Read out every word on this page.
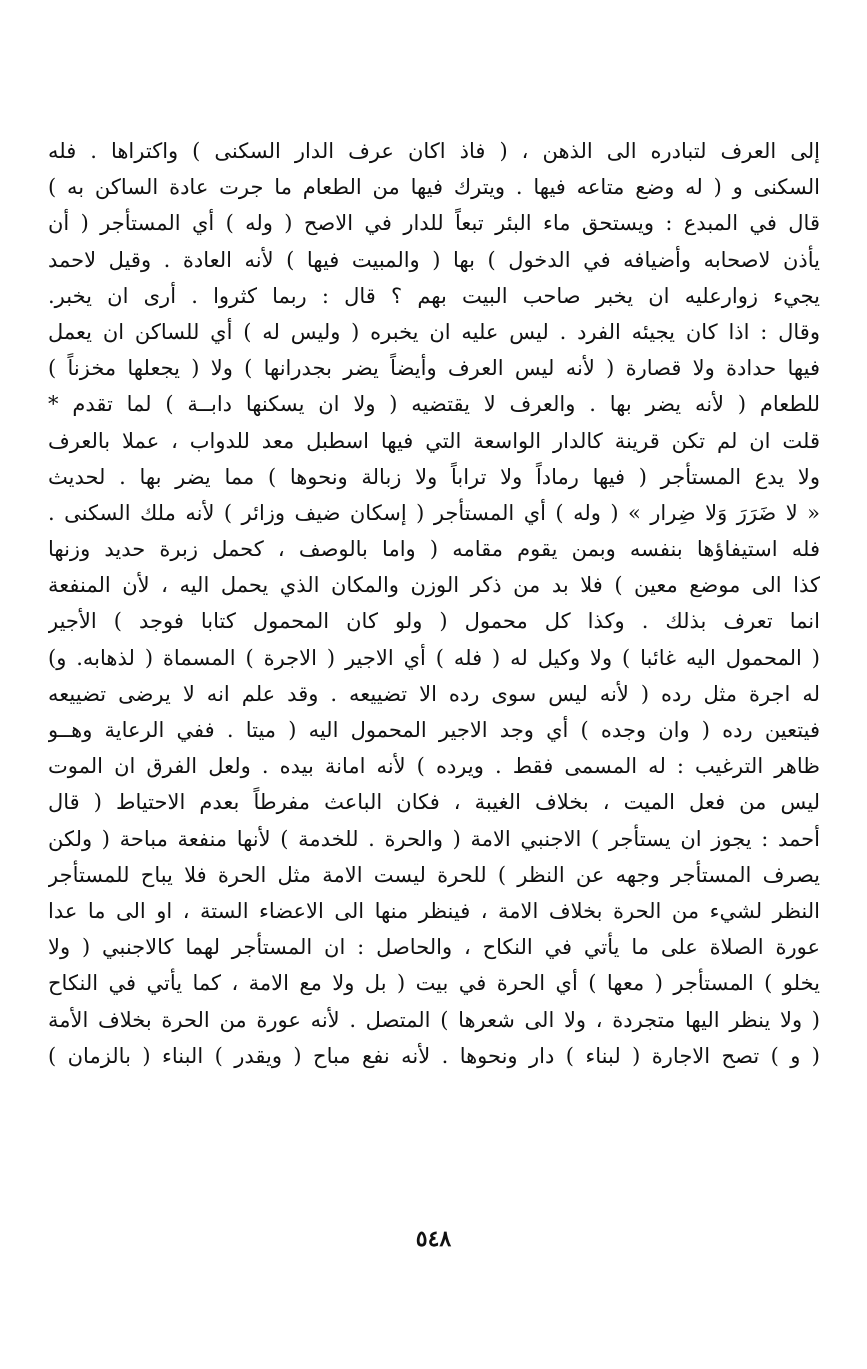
إلى العرف لتبادره الى الذهن ، ( فاذ اكان عرف الدار السكنى ) واكتراها . فله
السكنى و ( له وضع متاعه فيها . ويترك فيها من الطعام ما جرت عادة الساكن به )
قال في المبدع : ويستحق ماء البئر تبعاً للدار في الاصح ( وله ) أي المستأجر ( أن
يأذن لاصحابه وأضيافه في الدخول ) بها ( والمبيت فيها ) لأنه العادة . وقيل لاحمد
يجيء زوارعليه ان يخبر صاحب البيت بهم ؟ قال : ربما كثروا . أرى ان يخبر.
وقال : اذا كان يجيئه الفرد . ليس عليه ان يخبره ( وليس له ) أي للساكن ان يعمل
فيها حدادة ولا قصارة ( لأنه ليس العرف وأيضاً يضر بجدرانها ) ولا ( يجعلها مخزناً )
للطعام ( لأنه يضر بها . والعرف لا يقتضيه ( ولا ان يسكنها دابــة ) لما تقدم *
قلت ان لم تكن قرينة كالدار الواسعة التي فيها اسطبل معد للدواب ، عملا بالعرف
ولا يدع المستأجر ( فيها رماداً ولا تراباً ولا زبالة ونحوها ) مما يضر بها . لحديث
« لا ضَرَرَ وَلا ضِرار » ( وله ) أي المستأجر ( إسكان ضيف وزائر ) لأنه ملك السكنى .
فله استيفاؤها بنفسه وبمن يقوم مقامه ( واما بالوصف ، كحمل زبرة حديد وزنها
كذا الى موضع معين ) فلا بد من ذكر الوزن والمكان الذي يحمل اليه ، لأن المنفعة
انما تعرف بذلك . وكذا كل محمول ( ولو كان المحمول كتابا فوجد ) الأجير
( المحمول اليه غائبا ) ولا وكيل له ( فله ) أي الاجير ( الاجرة ) المسماة ( لذهابه. و)
له اجرة مثل رده ( لأنه ليس سوى رده الا تضييعه . وقد علم انه لا يرضى تضييعه
فيتعين رده ( وان وجده ) أي وجد الاجير المحمول اليه ( ميتا . ففي الرعاية وهــو
ظاهر الترغيب : له المسمى فقط . ويرده ) لأنه امانة بيده . ولعل الفرق ان الموت
ليس من فعل الميت ، بخلاف الغيبة ، فكان الباعث مفرطاً بعدم الاحتياط ( قال
أحمد : يجوز ان يستأجر ) الاجنبي الامة ( والحرة . للخدمة ) لأنها منفعة مباحة ( ولكن
يصرف المستأجر وجهه عن النظر ) للحرة ليست الامة مثل الحرة فلا يباح للمستأجر
النظر لشيء من الحرة بخلاف الامة ، فينظر منها الى الاعضاء الستة ، او الى ما عدا
عورة الصلاة على ما يأتي في النكاح ، والحاصل : ان المستأجر لهما كالاجنبي ( ولا
يخلو ) المستأجر ( معها ) أي الحرة في بيت ( بل ولا مع الامة ، كما يأتي في النكاح
( ولا ينظر اليها متجردة ، ولا الى شعرها ) المتصل . لأنه عورة من الحرة بخلاف الأمة
( و ) تصح الاجارة ( لبناء ) دار ونحوها . لأنه نفع مباح ( ويقدر ) البناء ( بالزمان )
٥٤٨
